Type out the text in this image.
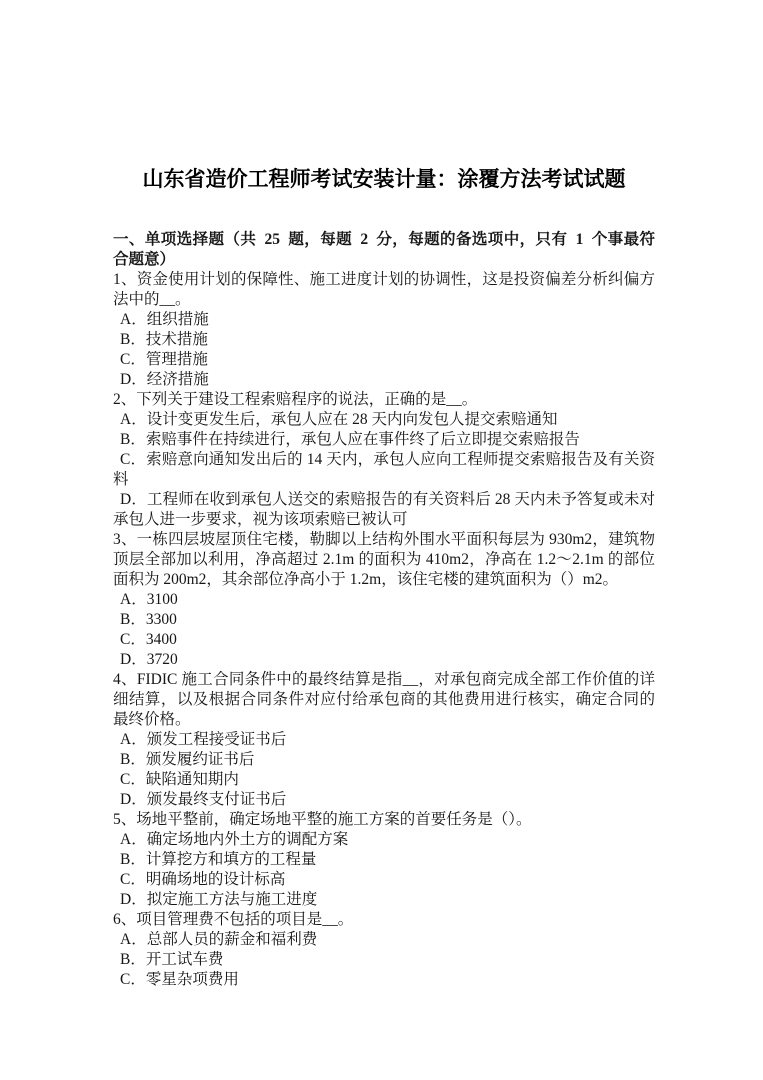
山东省造价工程师考试安装计量：涂覆方法考试试题

一、单项选择题（共 25 题，每题 2 分，每题的备选项中，只有 1 个事最符合题意）

1、资金使用计划的保障性、施工进度计划的协调性，这是投资偏差分析纠偏方法中的__。

A．组织措施

B．技术措施

C．管理措施

D．经济措施

2、下列关于建设工程索赔程序的说法，正确的是__。

A．设计变更发生后，承包人应在 28 天内向发包人提交索赔通知

B．索赔事件在持续进行，承包人应在事件终了后立即提交索赔报告

C．索赔意向通知发出后的 14 天内，承包人应向工程师提交索赔报告及有关资料

D．工程师在收到承包人送交的索赔报告的有关资料后 28 天内未予答复或未对承包人进一步要求，视为该项索赔已被认可

3、一栋四层坡屋顶住宅楼，勒脚以上结构外围水平面积每层为 930m2，建筑物顶层全部加以利用，净高超过 2.1m 的面积为 410m2，净高在 1.2～2.1m 的部位面积为 200m2，其余部位净高小于 1.2m，该住宅楼的建筑面积为（）m2。

A．3100

B．3300

C．3400

D．3720

4、FIDIC 施工合同条件中的最终结算是指__，对承包商完成全部工作价值的详细结算，以及根据合同条件对应付给承包商的其他费用进行核实，确定合同的最终价格。

A．颁发工程接受证书后

B．颁发履约证书后

C．缺陷通知期内

D．颁发最终支付证书后

5、场地平整前，确定场地平整的施工方案的首要任务是（）。

A．确定场地内外土方的调配方案

B．计算挖方和填方的工程量

C．明确场地的设计标高

D．拟定施工方法与施工进度

6、项目管理费不包括的项目是__。

A．总部人员的薪金和福利费

B．开工试车费

C．零星杂项费用
